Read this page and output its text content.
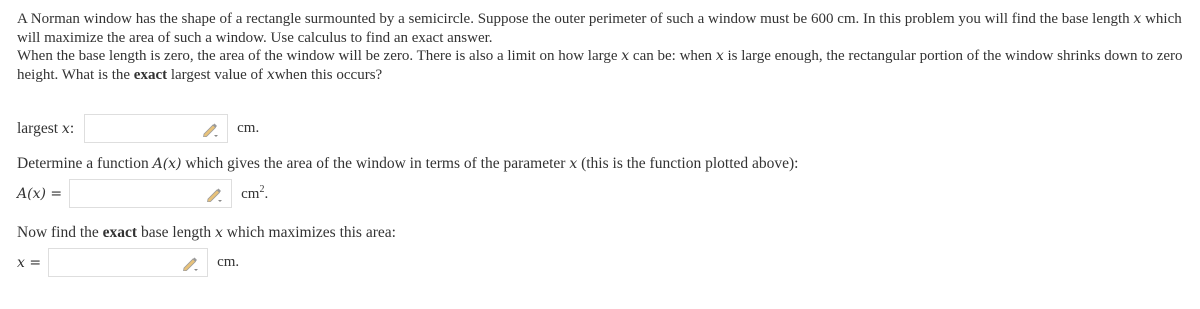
A Norman window has the shape of a rectangle surmounted by a semicircle. Suppose the outer perimeter of such a window must be 600 cm. In this problem you will find the base length x which will maximize the area of such a window. Use calculus to find an exact answer.

When the base length is zero, the area of the window will be zero. There is also a limit on how large x can be: when x is large enough, the rectangular portion of the window shrinks down to zero height. What is the exact largest value of xwhen this occurs?

largest x:	cm.
Determine a function A(x) which gives the area of the window in terms of the parameter x (this is the function plotted above):
A(x) =	$cm^2$.
Now find the exact base length x which maximizes this area:
x =	cm.
